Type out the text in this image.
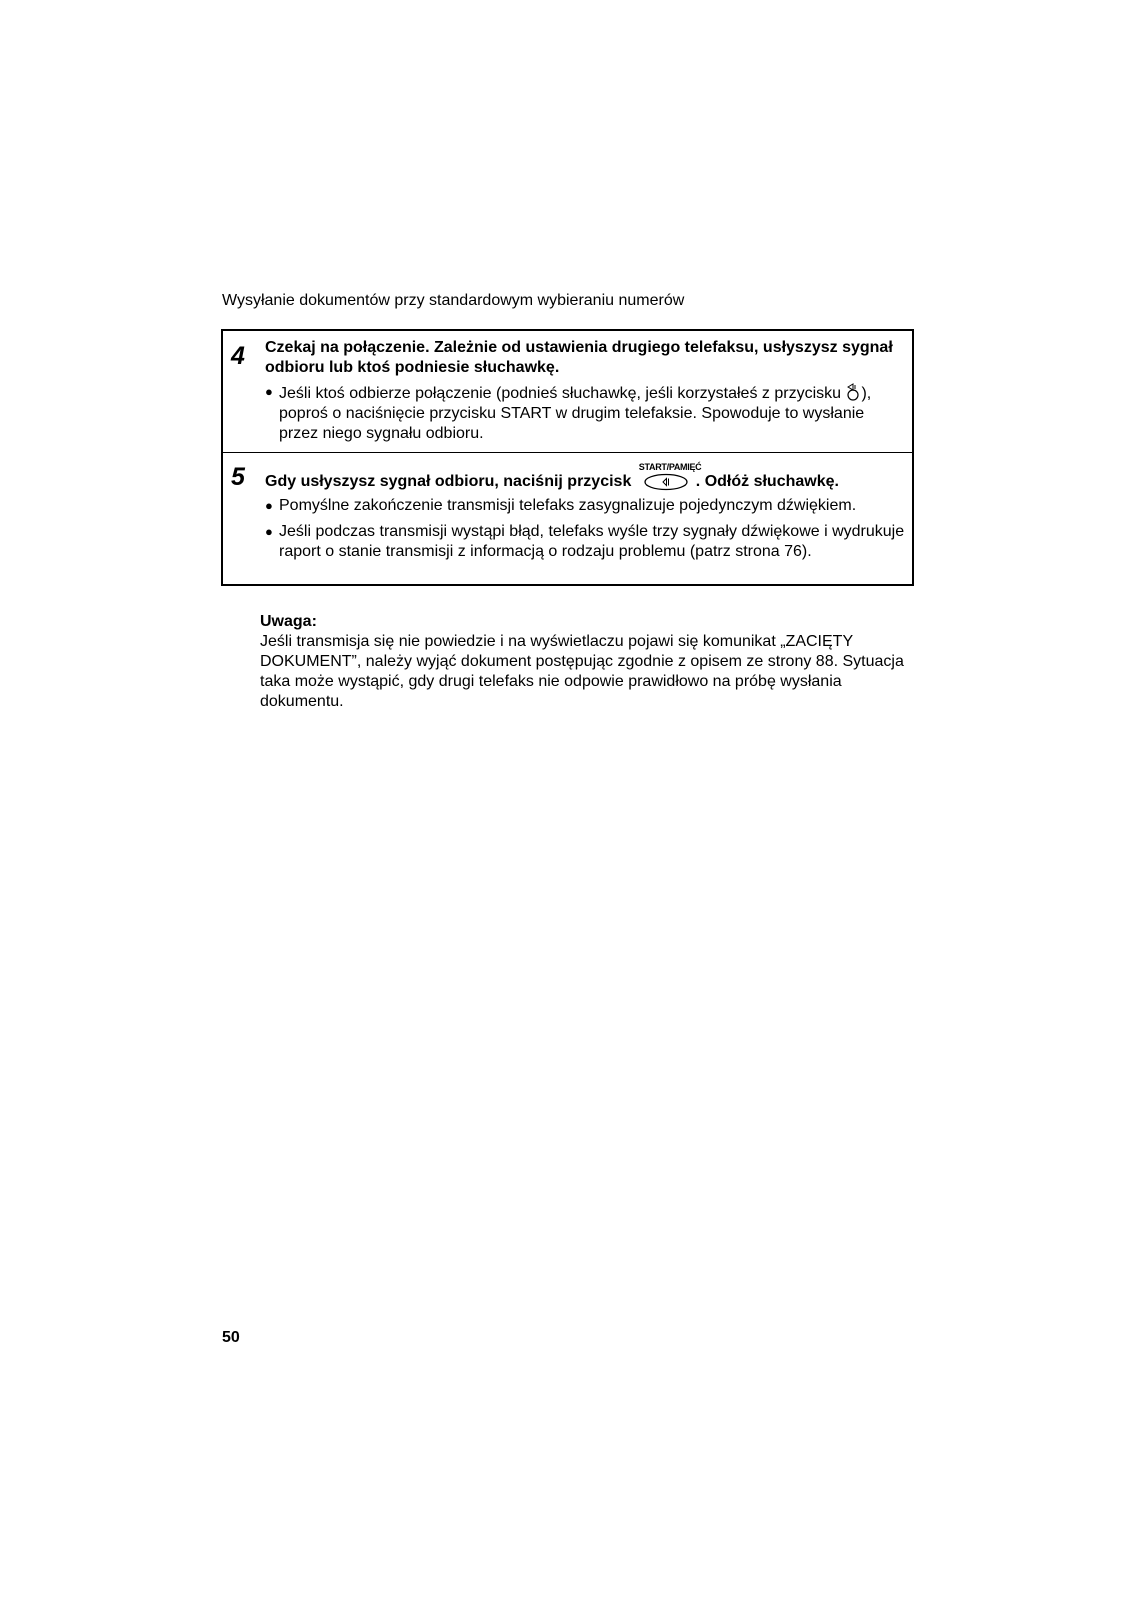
Wysyłanie dokumentów przy standardowym wybieraniu numerów
4 Czekaj na połączenie. Zależnie od ustawienia drugiego telefaksu, usłyszysz sygnał odbioru lub ktoś podniesie słuchawkę.
● Jeśli ktoś odbierze połączenie (podnieś słuchawkę, jeśli korzystałeś z przycisku ), poproś o naciśnięcie przycisku START w drugim telefaksie. Spowoduje to wysłanie przez niego sygnału odbioru.
5 Gdy usłyszysz sygnał odbioru, naciśnij przycisk
START/PAMIĘĆ
. Odłóż słuchawkę.
● Pomyślne zakończenie transmisji telefaks zasygnalizuje pojedynczym dźwiękiem.
● Jeśli podczas transmisji wystąpi błąd, telefaks wyśle trzy sygnały dźwiękowe i wydrukuje raport o stanie transmisji z informacją o rodzaju problemu (patrz strona 76).
Uwaga:
Jeśli transmisja się nie powiedzie i na wyświetlaczu pojawi się komunikat „ZACIĘTY DOKUMENT”, należy wyjąć dokument postępując zgodnie z opisem ze strony 88. Sytuacja taka może wystąpić, gdy drugi telefaks nie odpowie prawidłowo na próbę wysłania dokumentu.
50
